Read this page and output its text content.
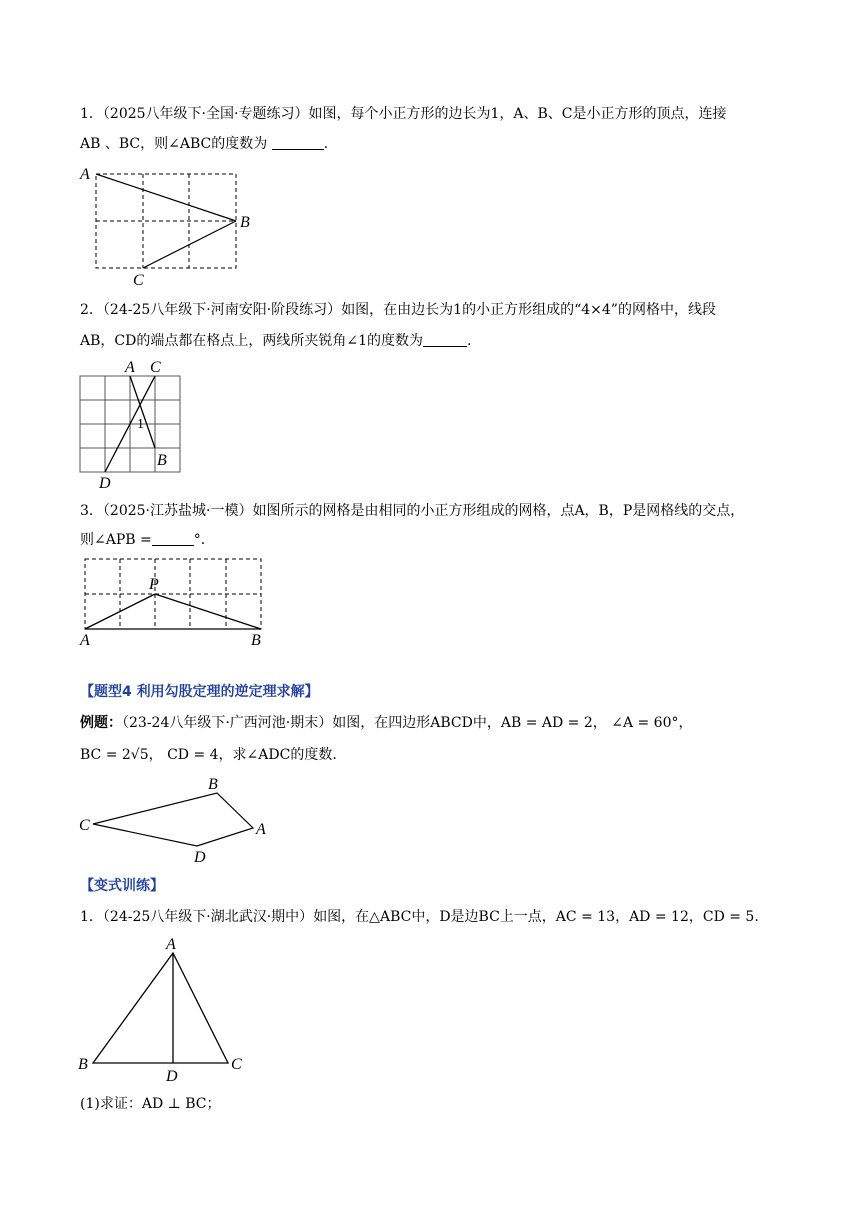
1．（2025八年级下·全国·专题练习）如图，每个小正方形的边长为1，A、B、C是小正方形的顶点，连接
AB 、BC，则∠ABC的度数为	.
A
B
C
2．（24-25八年级下·河南安阳·阶段练习）如图，在由边长为1的小正方形组成的“4×4”的网格中，线段
AB，CD的端点都在格点上，两线所夹锐角∠1的度数为	.
A C
B
D
1
3．（2025·江苏盐城·一模）如图所示的网格是由相同的小正方形组成的网格，点A，B，P是网格线的交点，
则∠APB =	°.
P
A	B
【题型4 利用勾股定理的逆定理求解】
例题：（23-24八年级下·广西河池·期末）如图，在四边形ABCD中，AB = AD = 2， ∠A = 60°，
BC = 2√5， CD = 4，求∠ADC的度数.
B
C	A
D
【变式训练】
1．（24-25八年级下·湖北武汉·期中）如图，在△ABC中，D是边BC上一点，AC = 13，AD = 12，CD = 5.
A
B	C
D
(1)求证：AD ⊥ BC；
